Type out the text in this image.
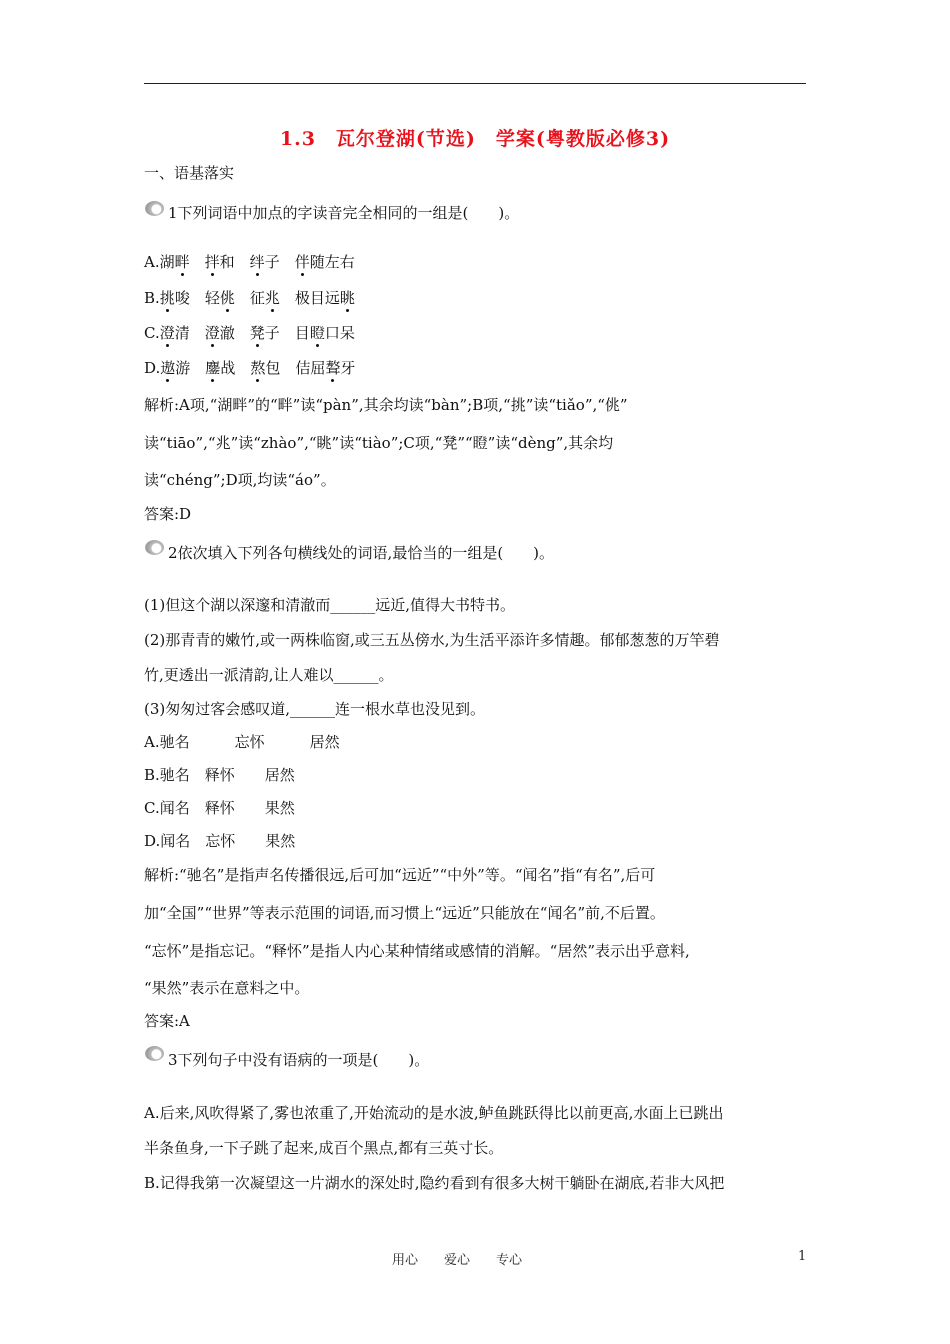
1.3　瓦尔登湖(节选)　学案(粤教版必修3)
一、语基落实
1下列词语中加点的字读音完全相同的一组是(　　)。
A.湖畔　 拌和　绊子　伴随左右
B.挑唆　轻佻　征兆　极目远眺
C.澄清　澄澈　凳子　目瞪口呆
D.遨游　鏖战　熬包　佶屈聱牙
解析:A项,“湖畔”的“畔”读“pàn”,其余均读“bàn”;B项,“挑”读“tiǎo”,“佻”
读“tiāo”,“兆”读“zhào”,“眺”读“tiào”;C项,“凳”“瞪”读“dèng”,其余均
读“chéng”;D项,均读“áo”。
答案:D
2依次填入下列各句横线处的词语,最恰当的一组是(　　)。
(1)但这个湖以深邃和清澈而______远近,值得大书特书。
(2)那青青的嫩竹,或一两株临窗,或三五丛傍水,为生活平添许多情趣。郁郁葱葱的万竿碧
竹,更透出一派清韵,让人难以______。
(3)匆匆过客会感叹道,______连一根水草也没见到。
A.驰名　　　忘怀　　　居然
B.驰名　释怀　　居然
C.闻名　释怀　　果然
D.闻名　忘怀　　果然
解析:“驰名”是指声名传播很远,后可加“远近”“中外”等。“闻名”指“有名”,后可
加“全国”“世界”等表示范围的词语,而习惯上“远近”只能放在“闻名”前,不后置。
“忘怀”是指忘记。“释怀”是指人内心某种情绪或感情的消解。“居然”表示出乎意料,
“果然”表示在意料之中。
答案:A
3下列句子中没有语病的一项是(　　)。
A.后来,风吹得紧了,雾也浓重了,开始流动的是水波,鲈鱼跳跃得比以前更高,水面上已跳出
半条鱼身,一下子跳了起来,成百个黑点,都有三英寸长。
B.记得我第一次凝望这一片湖水的深处时,隐约看到有很多大树干躺卧在湖底,若非大风把
用心　　爱心　　专心	1
